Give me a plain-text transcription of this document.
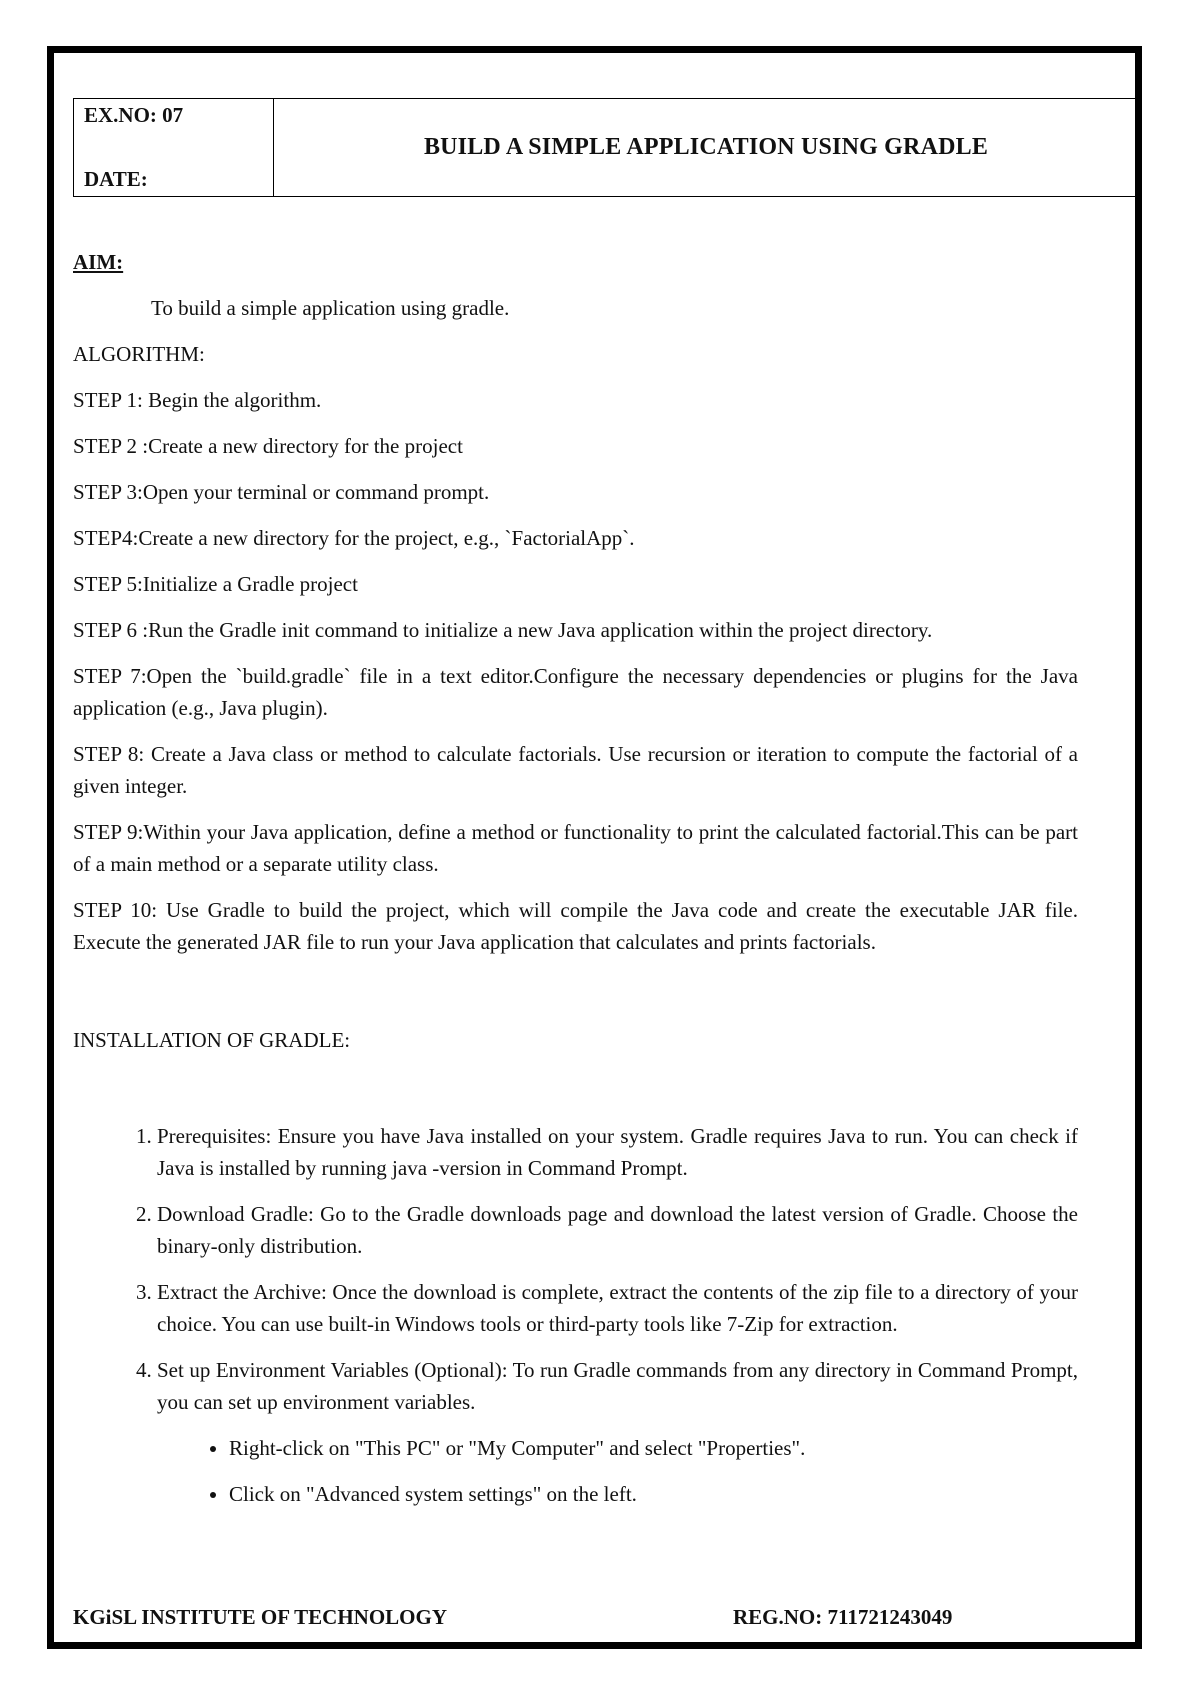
EX.NO: 07
DATE:
BUILD A SIMPLE APPLICATION USING GRADLE

AIM:

To build a simple application using gradle.

ALGORITHM:

STEP 1: Begin the algorithm.

STEP 2 :Create a new directory for the project

STEP 3:Open your terminal or command prompt.

STEP4:Create a new directory for the project, e.g., `FactorialApp`.

STEP 5:Initialize a Gradle project

STEP 6 :Run the Gradle init command to initialize a new Java application within the project directory.

STEP 7:Open the `build.gradle` file in a text editor.Configure the necessary dependencies or plugins for the Java application (e.g., Java plugin).

STEP 8: Create a Java class or method to calculate factorials. Use recursion or iteration to compute the factorial of a given integer.

STEP 9:Within your Java application, define a method or functionality to print the calculated factorial.This can be part of a main method or a separate utility class.

STEP 10: Use Gradle to build the project, which will compile the Java code and create the executable JAR file. Execute the generated JAR file to run your Java application that calculates and prints factorials.

INSTALLATION OF GRADLE:

1. Prerequisites: Ensure you have Java installed on your system. Gradle requires Java to run. You can check if Java is installed by running java -version in Command Prompt.
2. Download Gradle: Go to the Gradle downloads page and download the latest version of Gradle. Choose the binary-only distribution.
3. Extract the Archive: Once the download is complete, extract the contents of the zip file to a directory of your choice. You can use built-in Windows tools or third-party tools like 7-Zip for extraction.
4. Set up Environment Variables (Optional): To run Gradle commands from any directory in Command Prompt, you can set up environment variables.
• Right-click on "This PC" or "My Computer" and select "Properties".
• Click on "Advanced system settings" on the left.
KGiSL INSTITUTE OF TECHNOLOGY	REG.NO: 711721243049
